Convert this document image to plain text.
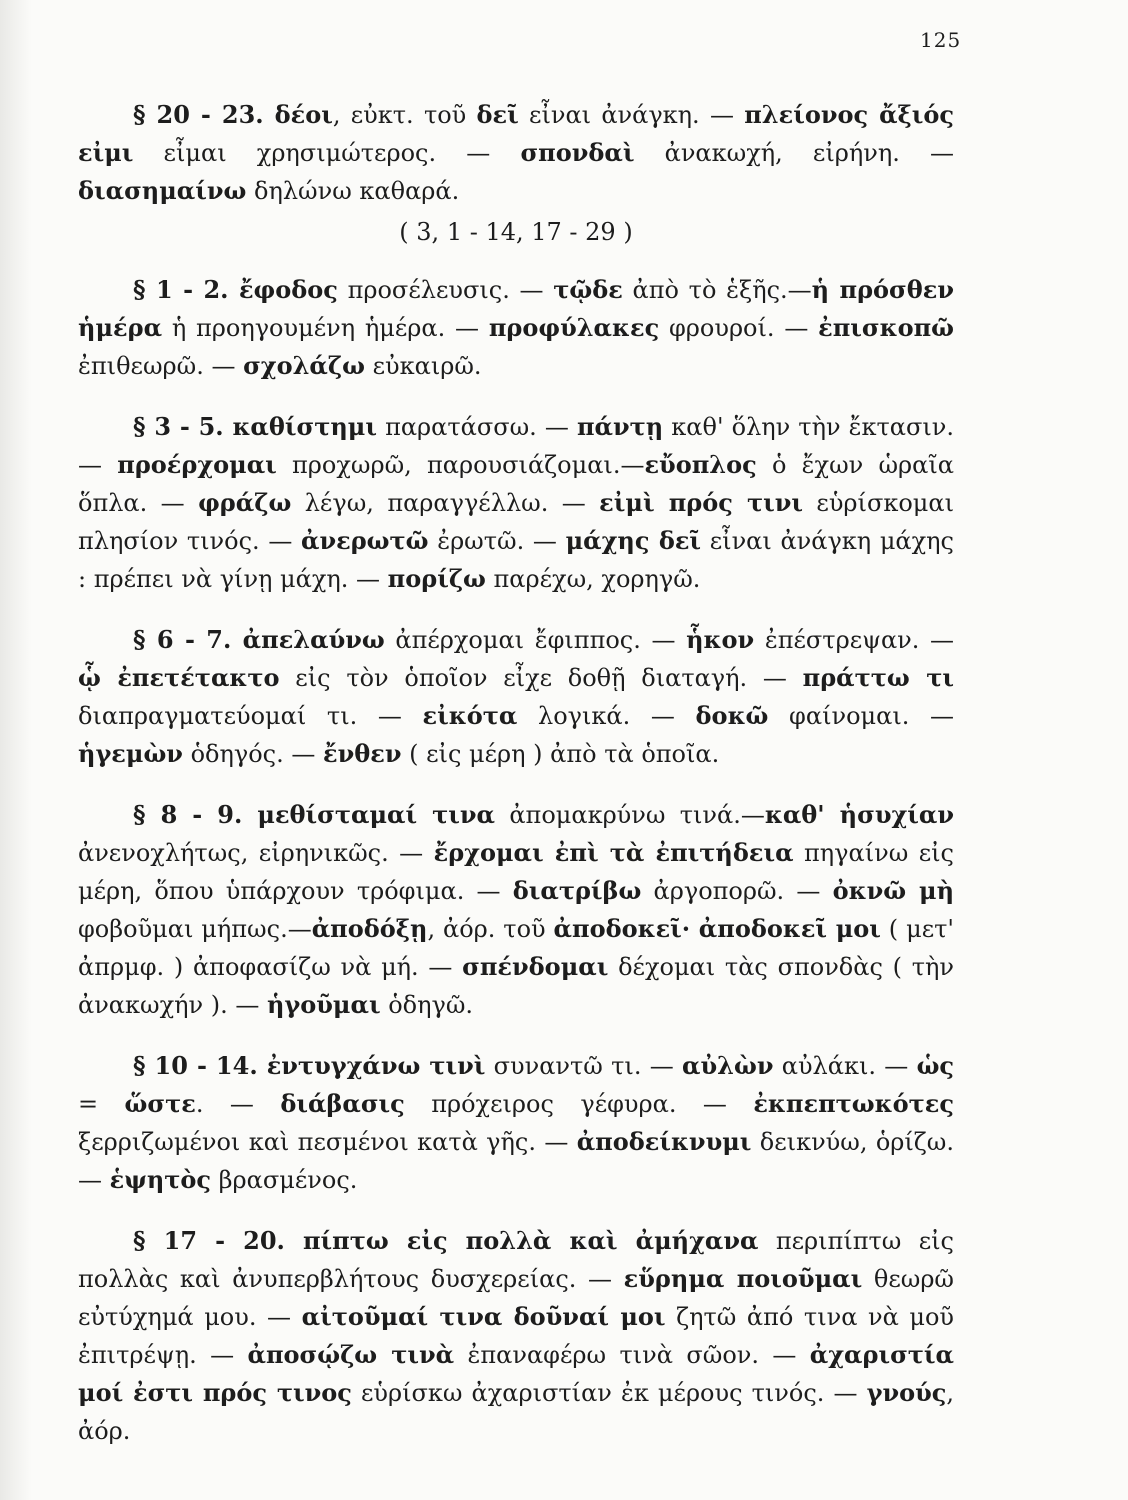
125

§ 20 - 23. δέοι, εὐκτ. τοῦ δεῖ εἶναι ἀνάγκη. — πλείονος ἄξιός εἰμι εἶμαι χρησιμώτερος. — σπονδαὶ ἀνακωχή, εἰρήνη. — διασημαίνω δηλώνω καθαρά.

( 3, 1 - 14, 17 - 29 )

§ 1 - 2. ἔφοδος προσέλευσις. — τῷδε ἀπὸ τὸ ἑξῆς.—ἡ πρόσθεν ἡμέρα ἡ προηγουμένη ἡμέρα. — προφύλακες φρουροί. — ἐπισκοπῶ ἐπιθεωρῶ. — σχολάζω εὐκαιρῶ.

§ 3 - 5. καθίστημι παρατάσσω. — πάντῃ καθ' ὅλην τὴν ἔκτασιν.— προέρχομαι προχωρῶ, παρουσιάζομαι.—εὔοπλος ὁ ἔχων ὡραῖα ὅπλα. — φράζω λέγω, παραγγέλλω. — εἰμὶ πρός τινι εὑρίσκομαι πλησίον τινός. — ἀνερωτῶ ἐρωτῶ. — μάχης δεῖ εἶναι ἀνάγκη μάχης : πρέπει νὰ γίνῃ μάχη. — πορίζω παρέχω, χορηγῶ.

§ 6 - 7. ἀπελαύνω ἀπέρχομαι ἔφιππος. — ἧκον ἐπέστρεψαν. — ᾧ ἐπετέτακτο εἰς τὸν ὁποῖον εἶχε δοθῇ διαταγή. — πράττω τι διαπραγματεύομαί τι. — εἰκότα λογικά. — δοκῶ φαίνομαι. — ἡγεμὼν ὁδηγός. — ἔνθεν ( εἰς μέρη ) ἀπὸ τὰ ὁποῖα.

§ 8 - 9. μεθίσταμαί τινα ἀπομακρύνω τινά.—καθ' ἡσυχίαν ἀνενοχλήτως, εἰρηνικῶς. — ἔρχομαι ἐπὶ τὰ ἐπιτήδεια πηγαίνω εἰς μέρη, ὅπου ὑπάρχουν τρόφιμα. — διατρίβω ἀργοπορῶ. — ὀκνῶ μὴ φοβοῦμαι μήπως.—ἀποδόξῃ, ἀόρ. τοῦ ἀποδοκεῖ· ἀποδοκεῖ μοι ( μετ' ἀπρμφ. ) ἀποφασίζω νὰ μή. — σπένδομαι δέχομαι τὰς σπονδὰς ( τὴν ἀνακωχήν ). — ἡγοῦμαι ὁδηγῶ.

§ 10 - 14. ἐντυγχάνω τινὶ συναντῶ τι. — αὐλὼν αὐλάκι. — ὡς = ὥστε. — διάβασις πρόχειρος γέφυρα. — ἐκπεπτωκότες ξερριζωμένοι καὶ πεσμένοι κατὰ γῆς. — ἀποδείκνυμι δεικνύω, ὁρίζω. — ἑψητὸς βρασμένος.

§ 17 - 20. πίπτω εἰς πολλὰ καὶ ἀμήχανα περιπίπτω εἰς πολλὰς καὶ ἀνυπερβλήτους δυσχερείας. — εὕρημα ποιοῦμαι θεωρῶ εὐτύχημά μου. — αἰτοῦμαί τινα δοῦναί μοι ζητῶ ἀπό τινα νὰ μοῦ ἐπιτρέψῃ. — ἀποσῴζω τινὰ ἐπαναφέρω τινὰ σῶον. — ἀχαριστία μοί ἐστι πρός τινος εὑρίσκω ἀχαριστίαν ἐκ μέρους τινός. — γνούς, ἀόρ.
